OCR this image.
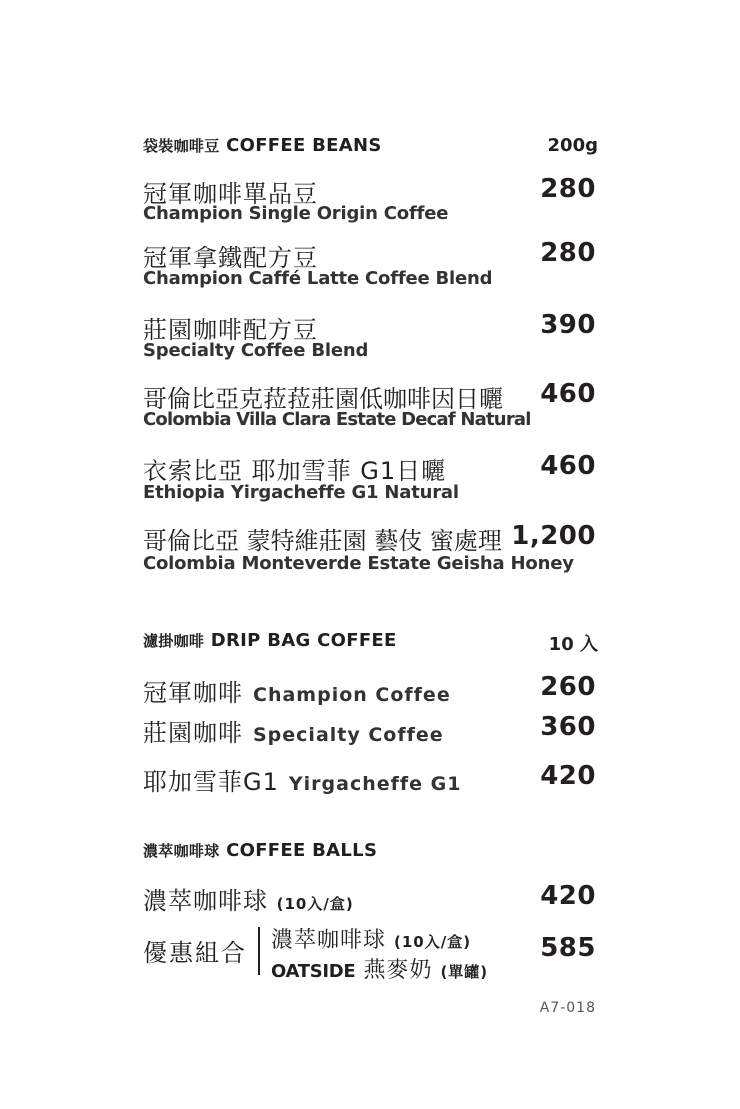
袋裝咖啡豆 COFFEE BEANS	200g
冠軍咖啡單品豆
Champion Single Origin Coffee
280
冠軍拿鐵配方豆
Champion Caffé Latte Coffee Blend
280
莊園咖啡配方豆
Specialty Coffee Blend
390
哥倫比亞克菈菈莊園低咖啡因日曬
Colombia Villa Clara Estate Decaf Natural
460
衣索比亞 耶加雪菲 G1日曬
Ethiopia Yirgacheffe G1 Natural
460
哥倫比亞 蒙特維莊園 藝伎 蜜處理
Colombia Monteverde Estate Geisha Honey
1,200
濾掛咖啡 DRIP BAG COFFEE	10 入
冠軍咖啡 Champion Coffee	260
莊園咖啡 Specialty Coffee	360
耶加雪菲G1 Yirgacheffe G1	420
濃萃咖啡球 COFFEE BALLS
濃萃咖啡球 (10入/盒)	420
優惠組合 濃萃咖啡球 (10入/盒)
OATSIDE 燕麥奶 (單罐)
585
A7-018
